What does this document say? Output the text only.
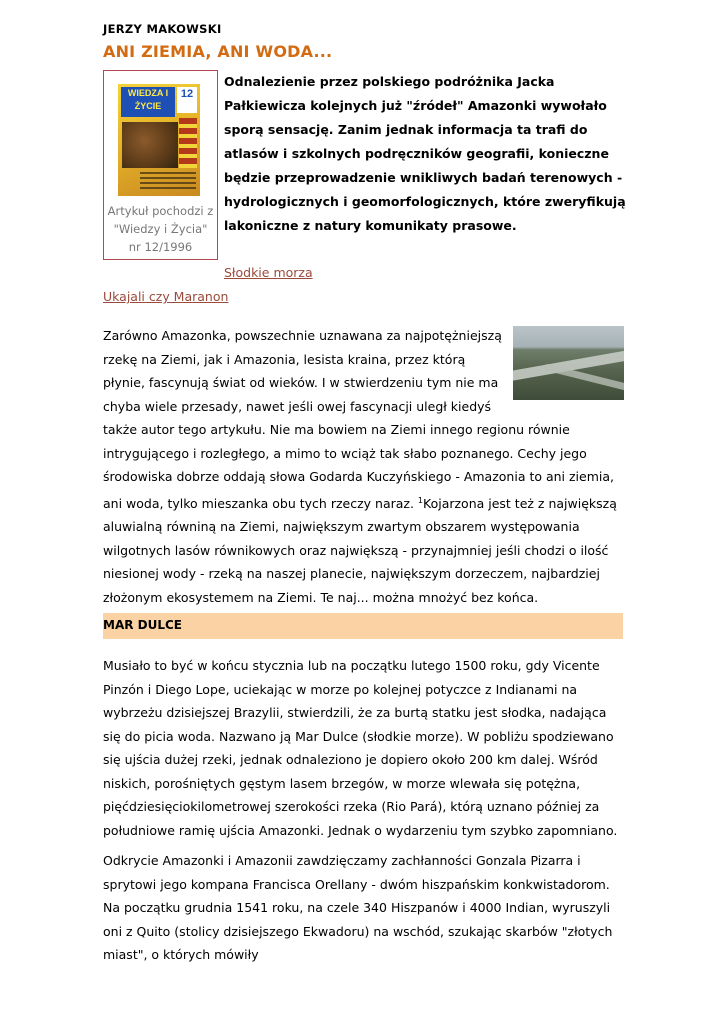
JERZY MAKOWSKI

ANI ZIEMIA, ANI WODA...
WIEDZA I ŻYCIE
12
Artykuł pochodzi z
"Wiedzy i Życia"
nr 12/1996

Odnalezienie przez polskiego podróżnika Jacka Pałkiewicza kolejnych już "źródeł" Amazonki wywołało sporą sensację. Zanim jednak informacja ta trafi do atlasów i szkolnych podręczników geografii, konieczne będzie przeprowadzenie wnikliwych badań terenowych - hydrologicznych i geomorfologicznych, które zweryfikują lakoniczne z natury komunikaty prasowe.

Słodkie morza
Ukajali czy Maranon

Zarówno Amazonka, powszechnie uznawana za najpotężniejszą rzekę na Ziemi, jak i Amazonia, lesista kraina, przez którą płynie, fascynują świat od wieków. I w stwierdzeniu tym nie ma chyba wiele przesady, nawet jeśli owej fascynacji uległ kiedyś także autor tego artykułu. Nie ma bowiem na Ziemi innego regionu równie intrygującego i rozległego, a mimo to wciąż tak słabo poznanego. Cechy jego środowiska dobrze oddają słowa Godarda Kuczyńskiego - Amazonia to ani ziemia, ani woda, tylko mieszanka obu tych rzeczy naraz. $^1$Kojarzona jest też z największą aluwialną równiną na Ziemi, największym zwartym obszarem występowania wilgotnych lasów równikowych oraz największą - przynajmniej jeśli chodzi o ilość niesionej wody - rzeką na naszej planecie, największym dorzeczem, najbardziej złożonym ekosystemem na Ziemi. Te naj... można mnożyć bez końca.

MAR DULCE

Musiało to być w końcu stycznia lub na początku lutego 1500 roku, gdy Vicente Pinzón i Diego Lope, uciekając w morze po kolejnej potyczce z Indianami na wybrzeżu dzisiejszej Brazylii, stwierdzili, że za burtą statku jest słodka, nadająca się do picia woda. Nazwano ją Mar Dulce (słodkie morze). W pobliżu spodziewano się ujścia dużej rzeki, jednak odnaleziono je dopiero około 200 km dalej. Wśród niskich, porośniętych gęstym lasem brzegów, w morze wlewała się potężna, pięćdziesięciokilometrowej szerokości rzeka (Rio Pará), którą uznano później za południowe ramię ujścia Amazonki. Jednak o wydarzeniu tym szybko zapomniano.

Odkrycie Amazonki i Amazonii zawdzięczamy zachłanności Gonzala Pizarra i sprytowi jego kompana Francisca Orellany - dwóm hiszpańskim konkwistadorom. Na początku grudnia 1541 roku, na czele 340 Hiszpanów i 4000 Indian, wyruszyli oni z Quito (stolicy dzisiejszego Ekwadoru) na wschód, szukając skarbów "złotych miast", o których mówiły
